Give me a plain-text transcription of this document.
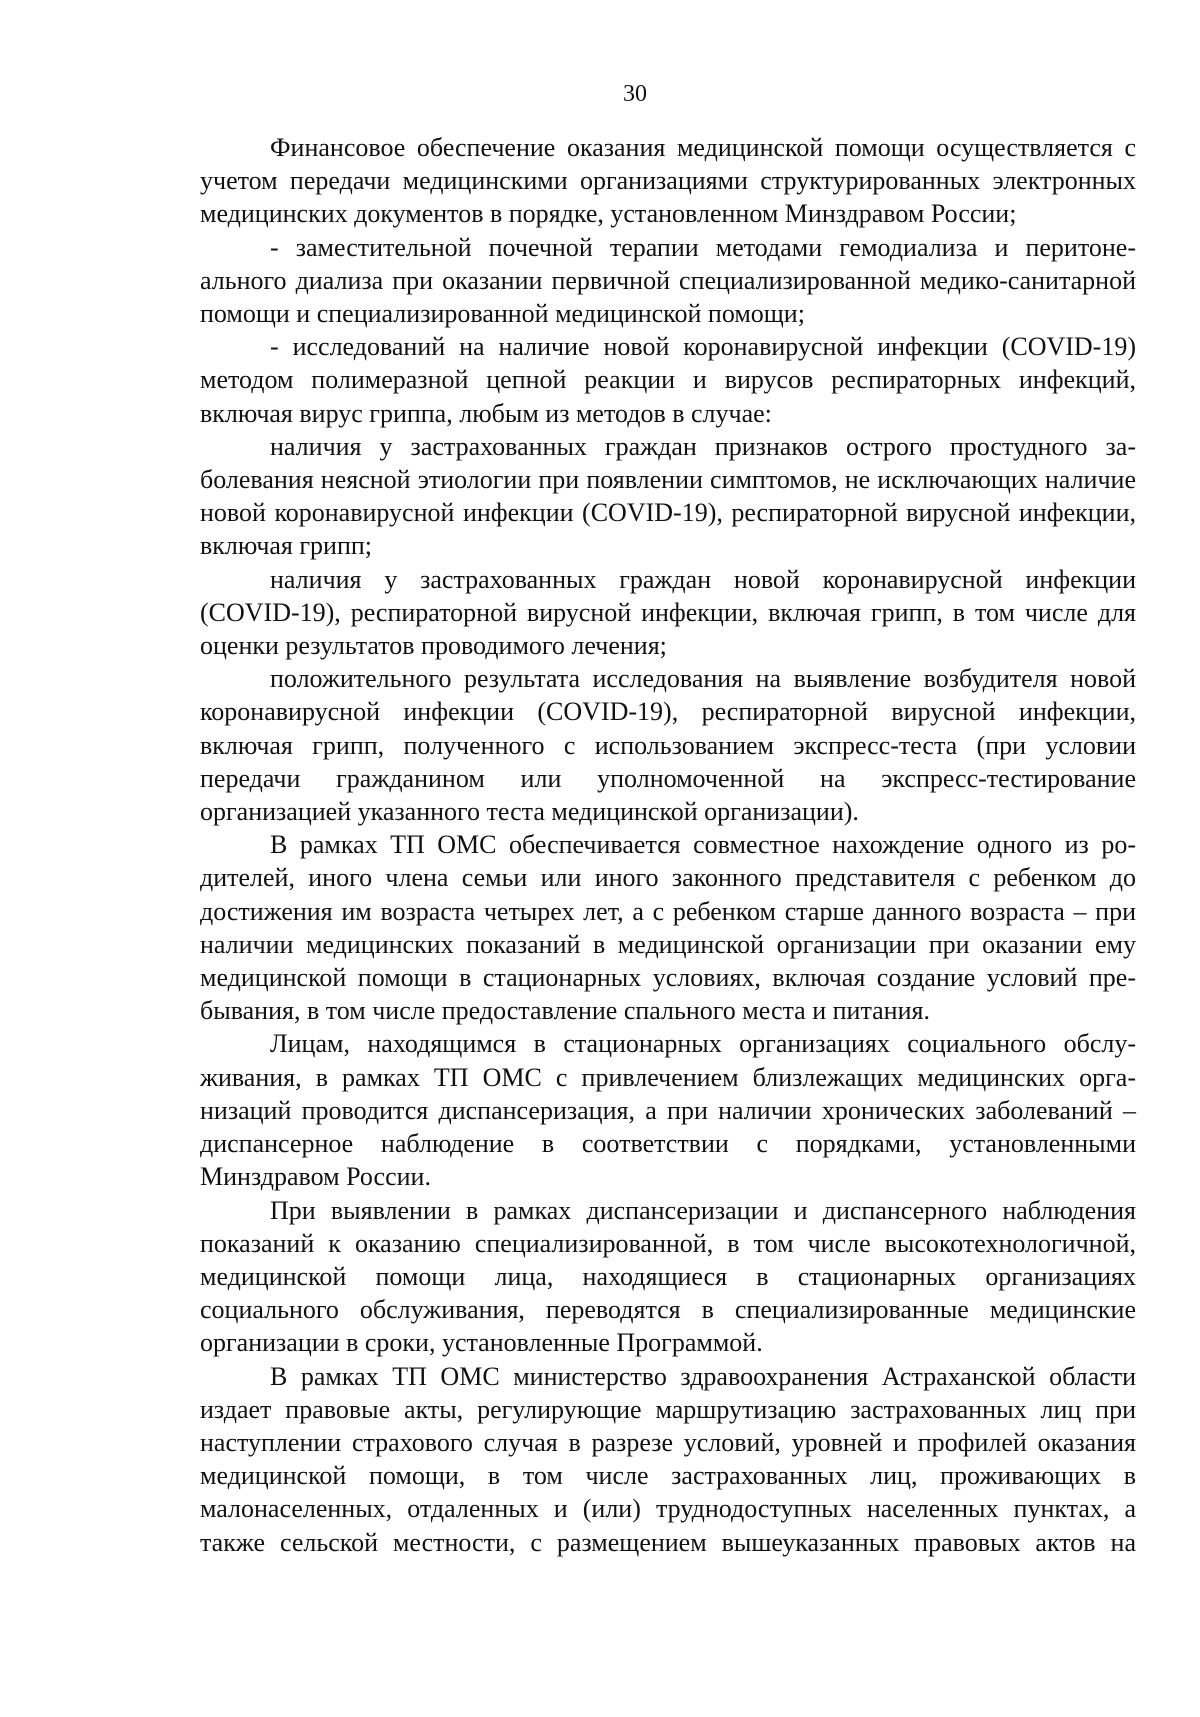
30

Финансовое обеспечение оказания медицинской помощи осуществляется с учетом передачи медицинскими организациями структурированных электронных медицинских документов в порядке, установленном Минздравом России;

- заместительной почечной терапии методами гемодиализа и перитонеального диализа при оказании первичной специализированной медико-санитарной помощи и специализированной медицинской помощи;

- исследований на наличие новой коронавирусной инфекции (COVID-19) методом полимеразной цепной реакции и вирусов респираторных инфекций, включая вирус гриппа, любым из методов в случае:

наличия у застрахованных граждан признаков острого простудного заболевания неясной этиологии при появлении симптомов, не исключающих наличие новой коронавирусной инфекции (COVID-19), респираторной вирусной инфекции, включая грипп;

наличия у застрахованных граждан новой коронавирусной инфекции (COVID-19), респираторной вирусной инфекции, включая грипп, в том числе для оценки результатов проводимого лечения;

положительного результата исследования на выявление возбудителя новой коронавирусной инфекции (COVID-19), респираторной вирусной инфекции, включая грипп, полученного с использованием экспресс-теста (при условии передачи гражданином или уполномоченной на экспресс-тестирование организацией указанного теста медицинской организации).

В рамках ТП ОМС обеспечивается совместное нахождение одного из родителей, иного члена семьи или иного законного представителя с ребенком до достижения им возраста четырех лет, а с ребенком старше данного возраста – при наличии медицинских показаний в медицинской организации при оказании ему медицинской помощи в стационарных условиях, включая создание условий пребывания, в том числе предоставление спального места и питания.

Лицам, находящимся в стационарных организациях социального обслуживания, в рамках ТП ОМС с привлечением близлежащих медицинских организаций проводится диспансеризация, а при наличии хронических заболеваний – диспансерное наблюдение в соответствии с порядками, установленными Минздравом России.

При выявлении в рамках диспансеризации и диспансерного наблюдения показаний к оказанию специализированной, в том числе высокотехнологичной, медицинской помощи лица, находящиеся в стационарных организациях социального обслуживания, переводятся в специализированные медицинские организации в сроки, установленные Программой.

В рамках ТП ОМС министерство здравоохранения Астраханской области издает правовые акты, регулирующие маршрутизацию застрахованных лиц при наступлении страхового случая в разрезе условий, уровней и профилей оказания медицинской помощи, в том числе застрахованных лиц, проживающих в малонаселенных, отдаленных и (или) труднодоступных населенных пунктах, а также сельской местности, с размещением вышеуказанных правовых актов на
